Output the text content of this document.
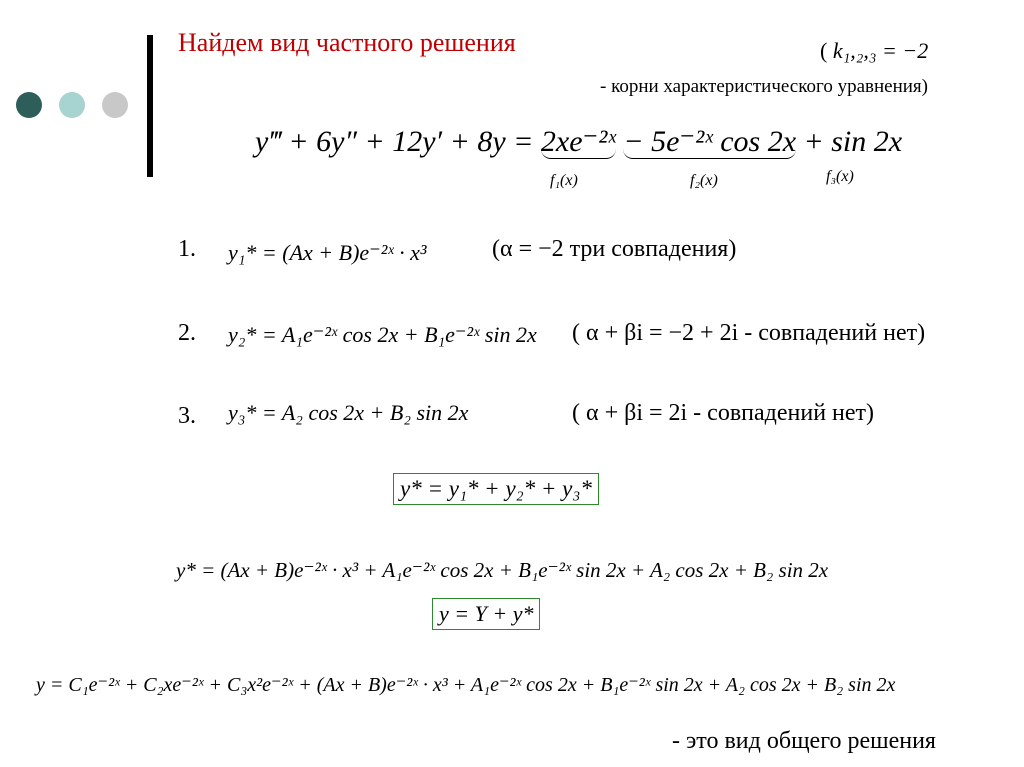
Найдем вид частного решения	( k₁,₂,₃ = −2
- корни характеристического уравнения)
y‴ + 6y″ + 12y′ + 8y = 2xe⁻²ˣ − 5e⁻²ˣ cos 2x + sin 2x
f₁(x)	f₂(x)	f₃(x)
1. y₁* = (Ax + B)e⁻²ˣ · x³	(α = −2 три совпадения)
2. y₂* = A₁e⁻²ˣ cos 2x + B₁e⁻²ˣ sin 2x ( α + βi = −2 + 2i - совпадений нет)
3. y₃* = A₂ cos 2x + B₂ sin 2x	( α + βi = 2i - совпадений нет)
y* = y₁* + y₂* + y₃*
y* = (Ax + B)e⁻²ˣ · x³ + A₁e⁻²ˣ cos 2x + B₁e⁻²ˣ sin 2x + A₂ cos 2x + B₂ sin 2x
y = Y + y*
y = C₁e⁻²ˣ + C₂xe⁻²ˣ + C₃x²e⁻²ˣ + (Ax + B)e⁻²ˣ · x³ + A₁e⁻²ˣ cos 2x + B₁e⁻²ˣ sin 2x + A₂ cos 2x + B₂ sin 2x
- это вид общего решения
